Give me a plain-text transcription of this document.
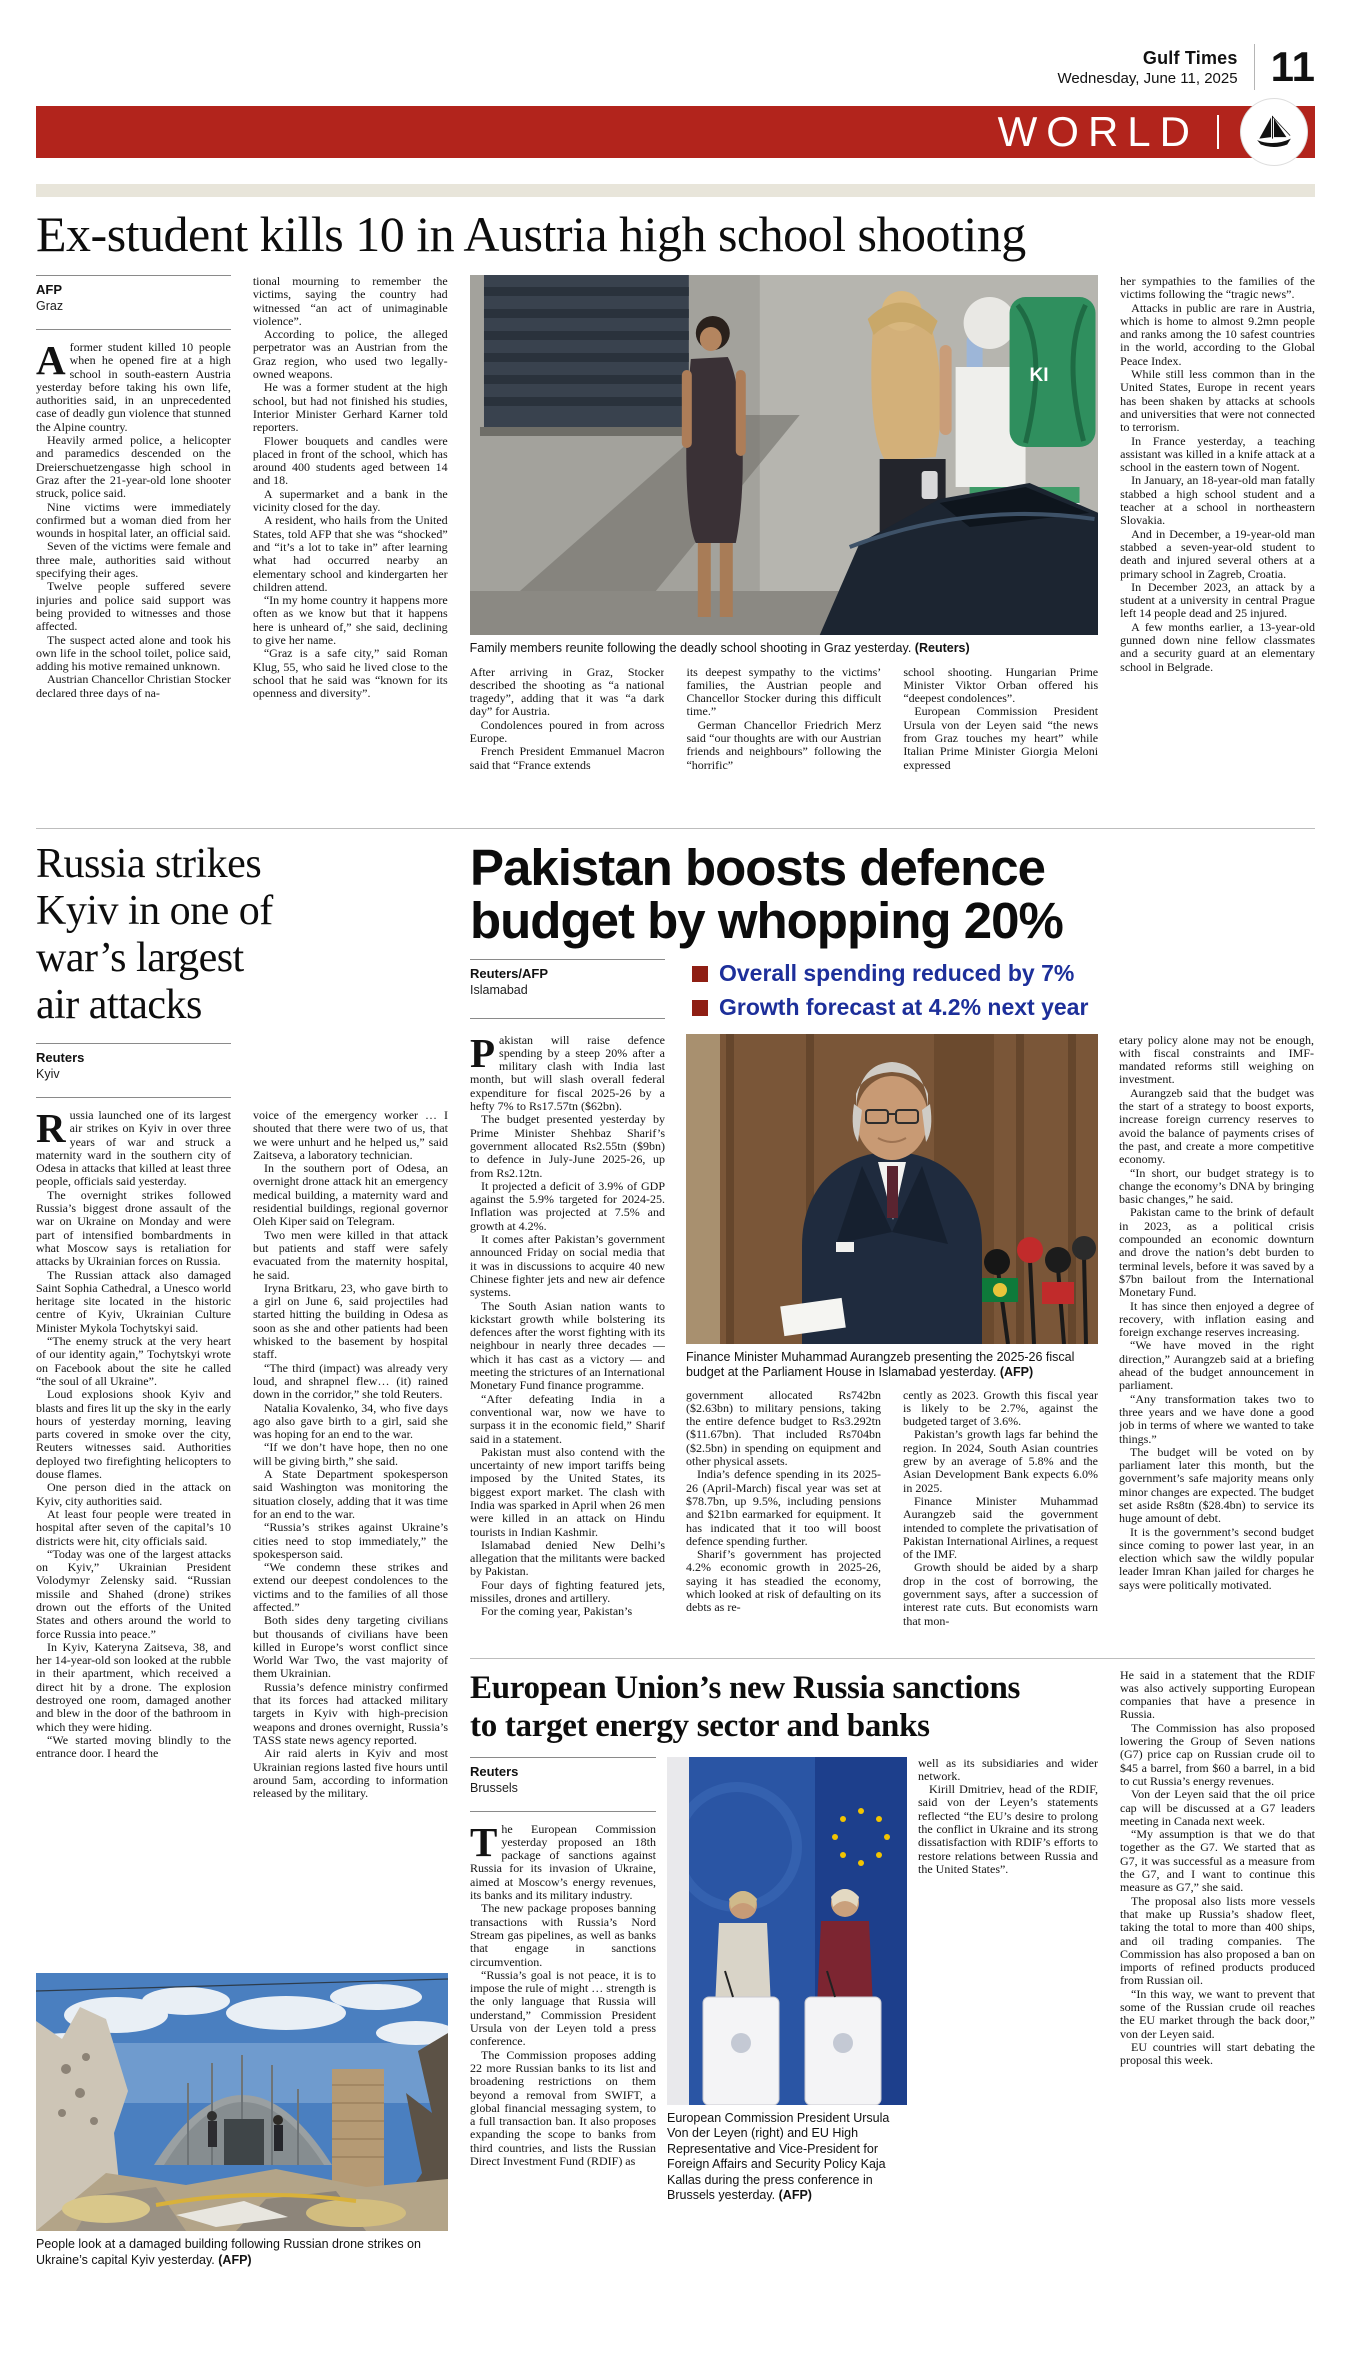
Gulf Times
Wednesday, June 11, 2025 11
WORLD
Ex-student kills 10 in Austria high school shooting
AFP
Graz

A former student killed 10 people when he opened fire at a high school in south-eastern Austria yesterday before taking his own life, authorities said, in an unprecedented case of deadly gun violence that stunned the Alpine country.

Heavily armed police, a helicopter and paramedics descended on the Dreierschuetzengasse high school in Graz after the 21-year-old lone shooter struck, police said.

Nine victims were immediately confirmed but a woman died from her wounds in hospital later, an official said.

Seven of the victims were female and three male, authorities said without specifying their ages.

Twelve people suffered severe injuries and police said support was being provided to witnesses and those affected.

The suspect acted alone and took his own life in the school toilet, police said, adding his motive remained unknown.

Austrian Chancellor Christian Stocker declared three days of na-

tional mourning to remember the victims, saying the country had witnessed “an act of unimaginable violence”.

According to police, the alleged perpetrator was an Austrian from the Graz region, who used two legally-owned weapons.

He was a former student at the high school, but had not finished his studies, Interior Minister Gerhard Karner told reporters.

Flower bouquets and candles were placed in front of the school, which has around 400 students aged between 14 and 18.

A supermarket and a bank in the vicinity closed for the day.

A resident, who hails from the United States, told AFP that she was “shocked” and “it’s a lot to take in” after learning what had occurred nearby an elementary school and kindergarten her children attend.

“In my home country it happens more often as we know but that it happens here is unheard of,” she said, declining to give her name.

“Graz is a safe city,” said Roman Klug, 55, who said he lived close to the school that he said was “known for its openness and diversity”.

KI
Family members reunite following the deadly school shooting in Graz yesterday. (Reuters)

After arriving in Graz, Stocker described the shooting as “a national tragedy”, adding that it was “a dark day” for Austria.

Condolences poured in from across Europe.

French President Emmanuel Macron said that “France extends

its deepest sympathy to the victims’ families, the Austrian people and Chancellor Stocker during this difficult time.”

German Chancellor Friedrich Merz said “our thoughts are with our Austrian friends and neighbours” following the “horrific”

school shooting. Hungarian Prime Minister Viktor Orban offered his “deepest condolences”.

European Commission President Ursula von der Leyen said “the news from Graz touches my heart” while Italian Prime Minister Giorgia Meloni expressed

her sympathies to the families of the victims following the “tragic news”.

Attacks in public are rare in Austria, which is home to almost 9.2mn people and ranks among the 10 safest countries in the world, according to the Global Peace Index.

While still less common than in the United States, Europe in recent years has been shaken by attacks at schools and universities that were not connected to terrorism.

In France yesterday, a teaching assistant was killed in a knife attack at a school in the eastern town of Nogent.

In January, an 18-year-old man fatally stabbed a high school student and a teacher at a school in northeastern Slovakia.

And in December, a 19-year-old man stabbed a seven-year-old student to death and injured several others at a primary school in Zagreb, Croatia.

In December 2023, an attack by a student at a university in central Prague left 14 people dead and 25 injured.

A few months earlier, a 13-year-old gunned down nine fellow classmates and a security guard at an elementary school in Belgrade.

Russia strikes
Kyiv in one of
war’s largest
air attacks
Reuters
Kyiv

Russia launched one of its largest air strikes on Kyiv in over three years of war and struck a maternity ward in the southern city of Odesa in attacks that killed at least three people, officials said yesterday.

The overnight strikes followed Russia’s biggest drone assault of the war on Ukraine on Monday and were part of intensified bombardments in what Moscow says is retaliation for attacks by Ukrainian forces on Russia.

The Russian attack also damaged Saint Sophia Cathedral, a Unesco world heritage site located in the historic centre of Kyiv, Ukrainian Culture Minister Mykola Tochytskyi said.

“The enemy struck at the very heart of our identity again,” Tochytskyi wrote on Facebook about the site he called “the soul of all Ukraine”.

Loud explosions shook Kyiv and blasts and fires lit up the sky in the early hours of yesterday morning, leaving parts covered in smoke over the city, Reuters witnesses said. Authorities deployed two firefighting helicopters to douse flames.

One person died in the attack on Kyiv, city authorities said.

At least four people were treated in hospital after seven of the capital’s 10 districts were hit, city officials said.

“Today was one of the largest attacks on Kyiv,” Ukrainian President Volodymyr Zelensky said. “Russian missile and Shahed (drone) strikes drown out the efforts of the United States and others around the world to force Russia into peace.”

In Kyiv, Kateryna Zaitseva, 38, and her 14-year-old son looked at the rubble in their apartment, which received a direct hit by a drone. The explosion destroyed one room, damaged another and blew in the door of the bathroom in which they were hiding.

“We started moving blindly to the entrance door. I heard the

voice of the emergency worker … I shouted that there were two of us, that we were unhurt and he helped us,” said Zaitseva, a laboratory technician.

In the southern port of Odesa, an overnight drone attack hit an emergency medical building, a maternity ward and residential buildings, regional governor Oleh Kiper said on Telegram.

Two men were killed in that attack but patients and staff were safely evacuated from the maternity hospital, he said.

Iryna Britkaru, 23, who gave birth to a girl on June 6, said projectiles had started hitting the building in Odesa as soon as she and other patients had been whisked to the basement by hospital staff.

“The third (impact) was already very loud, and shrapnel flew… (it) rained down in the corridor,” she told Reuters.

Natalia Kovalenko, 34, who five days ago also gave birth to a girl, said she was hoping for an end to the war.

“If we don’t have hope, then no one will be giving birth,” she said.

A State Department spokesperson said Washington was monitoring the situation closely, adding that it was time for an end to the war.

“Russia’s strikes against Ukraine’s cities need to stop immediately,” the spokesperson said.

“We condemn these strikes and extend our deepest condolences to the victims and to the families of all those affected.”

Both sides deny targeting civilians but thousands of civilians have been killed in Europe’s worst conflict since World War Two, the vast majority of them Ukrainian.

Russia’s defence ministry confirmed that its forces had attacked military targets in Kyiv with high-precision weapons and drones overnight, Russia’s TASS state news agency reported.

Air raid alerts in Kyiv and most Ukrainian regions lasted five hours until around 5am, according to information released by the military.

People look at a damaged building following Russian drone strikes on Ukraine’s capital Kyiv yesterday. (AFP)
Pakistan boosts defence
budget by whopping 20%
Reuters/AFP
Islamabad
Overall spending reduced by 7%
Growth forecast at 4.2% next year

Pakistan will raise defence spending by a steep 20% after a military clash with India last month, but will slash overall federal expenditure for fiscal 2025-26 by a hefty 7% to Rs17.57tn ($62bn).

The budget presented yesterday by Prime Minister Shehbaz Sharif’s government allocated Rs2.55tn ($9bn) to defence in July-June 2025-26, up from Rs2.12tn.

It projected a deficit of 3.9% of GDP against the 5.9% targeted for 2024-25. Inflation was projected at 7.5% and growth at 4.2%.

It comes after Pakistan’s government announced Friday on social media that it was in discussions to acquire 40 new Chinese fighter jets and new air defence systems.

The South Asian nation wants to kickstart growth while bolstering its defences after the worst fighting with its neighbour in nearly three decades — which it has cast as a victory — and meeting the strictures of an International Monetary Fund finance programme.

“After defeating India in a conventional war, now we have to surpass it in the economic field,” Sharif said in a statement.

Pakistan must also contend with the uncertainty of new import tariffs being imposed by the United States, its biggest export market. The clash with India was sparked in April when 26 men were killed in an attack on Hindu tourists in Indian Kashmir.

Islamabad denied New Delhi’s allegation that the militants were backed by Pakistan.

Four days of fighting featured jets, missiles, drones and artillery.

For the coming year, Pakistan’s

Finance Minister Muhammad Aurangzeb presenting the 2025-26 fiscal budget at the Parliament House in Islamabad yesterday. (AFP)

government allocated Rs742bn ($2.63bn) to military pensions, taking the entire defence budget to Rs3.292tn ($11.67bn). That included Rs704bn ($2.5bn) in spending on equipment and other physical assets.

India’s defence spending in its 2025-26 (April-March) fiscal year was set at $78.7bn, up 9.5%, including pensions and $21bn earmarked for equipment. It has indicated that it too will boost defence spending further.

Sharif’s government has projected 4.2% economic growth in 2025-26, saying it has steadied the economy, which looked at risk of defaulting on its debts as re-

cently as 2023. Growth this fiscal year is likely to be 2.7%, against the budgeted target of 3.6%.

Pakistan’s growth lags far behind the region. In 2024, South Asian countries grew by an average of 5.8% and the Asian Development Bank expects 6.0% in 2025.

Finance Minister Muhammad Aurangzeb said the government intended to complete the privatisation of Pakistan International Airlines, a request of the IMF.

Growth should be aided by a sharp drop in the cost of borrowing, the government says, after a succession of interest rate cuts. But economists warn that mon-

etary policy alone may not be enough, with fiscal constraints and IMF-mandated reforms still weighing on investment.

Aurangzeb said that the budget was the start of a strategy to boost exports, increase foreign currency reserves to avoid the balance of payments crises of the past, and create a more competitive economy.

“In short, our budget strategy is to change the economy’s DNA by bringing basic changes,” he said.

Pakistan came to the brink of default in 2023, as a political crisis compounded an economic downturn and drove the nation’s debt burden to terminal levels, before it was saved by a $7bn bailout from the International Monetary Fund.

It has since then enjoyed a degree of recovery, with inflation easing and foreign exchange reserves increasing.

“We have moved in the right direction,” Aurangzeb said at a briefing ahead of the budget announcement in parliament.

“Any transformation takes two to three years and we have done a good job in terms of where we wanted to take things.”

The budget will be voted on by parliament later this month, but the government’s safe majority means only minor changes are expected. The budget set aside Rs8tn ($28.4bn) to service its huge amount of debt.

It is the government’s second budget since coming to power last year, in an election which saw the wildly popular leader Imran Khan jailed for charges he says were politically motivated.

European Union’s new Russia sanctions
to target energy sector and banks
Reuters
Brussels

The European Commission yesterday proposed an 18th package of sanctions against Russia for its invasion of Ukraine, aimed at Moscow’s energy revenues, its banks and its military industry.

The new package proposes banning transactions with Russia’s Nord Stream gas pipelines, as well as banks that engage in sanctions circumvention.

“Russia’s goal is not peace, it is to impose the rule of might … strength is the only language that Russia will understand,” Commission President Ursula von der Leyen told a press conference.

The Commission proposes adding 22 more Russian banks to its list and broadening restrictions on them beyond a removal from SWIFT, a global financial messaging system, to a full transaction ban. It also proposes expanding the scope to banks from third countries, and lists the Russian Direct Investment Fund (RDIF) as

European Commission President Ursula Von der Leyen (right) and EU High Representative and Vice-President for Foreign Affairs and Security Policy Kaja Kallas during the press conference in Brussels yesterday. (AFP)

well as its subsidiaries and wider network.

Kirill Dmitriev, head of the RDIF, said von der Leyen’s statements reflected “the EU’s desire to prolong the conflict in Ukraine and its strong dissatisfaction with RDIF’s efforts to restore relations between Russia and the United States”.

He said in a statement that the RDIF was also actively supporting European companies that have a presence in Russia.

The Commission has also proposed lowering the Group of Seven nations (G7) price cap on Russian crude oil to $45 a barrel, from $60 a barrel, in a bid to cut Russia’s energy revenues.

Von der Leyen said that the oil price cap will be discussed at a G7 leaders meeting in Canada next week.

“My assumption is that we do that together as the G7. We started that as G7, it was successful as a measure from the G7, and I want to continue this measure as G7,” she said.

The proposal also lists more vessels that make up Russia’s shadow fleet, taking the total to more than 400 ships, and oil trading companies. The Commission has also proposed a ban on imports of refined products produced from Russian oil.

“In this way, we want to prevent that some of the Russian crude oil reaches the EU market through the back door,” von der Leyen said.

EU countries will start debating the proposal this week.
